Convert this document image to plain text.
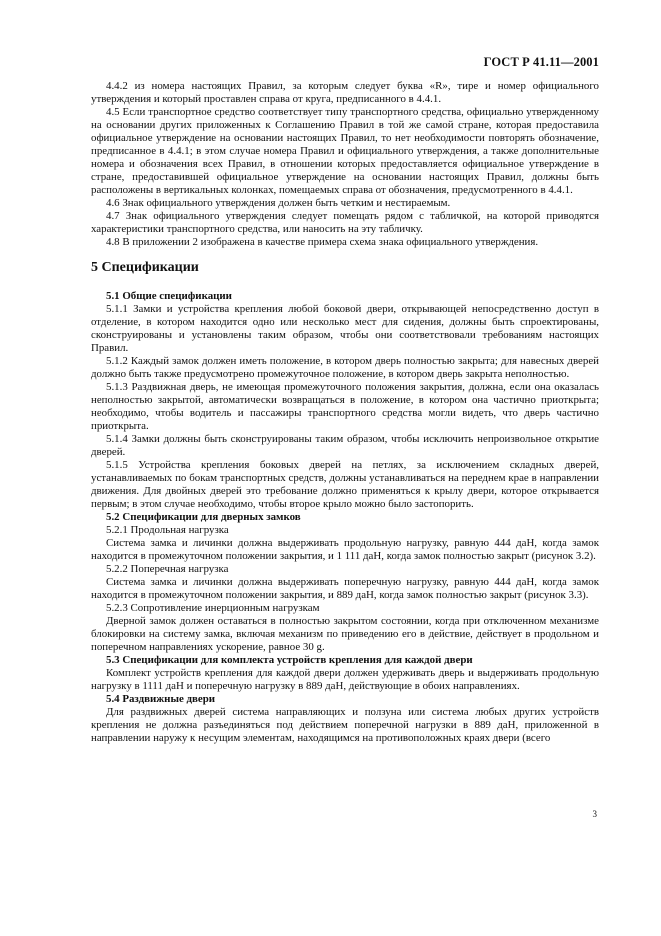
ГОСТ Р 41.11—2001

4.4.2 из номера настоящих Правил, за которым следует буква «R», тире и номер официального утверждения и который проставлен справа от круга, предписанного в 4.4.1.

4.5 Если транспортное средство соответствует типу транспортного средства, официально утвержденному на основании других приложенных к Соглашению Правил в той же самой стране, которая предоставила официальное утверждение на основании настоящих Правил, то нет необходимости повторять обозначение, предписанное в 4.4.1; в этом случае номера Правил и официального утверждения, а также дополнительные номера и обозначения всех Правил, в отношении которых предоставляется официальное утверждение в стране, предоставившей официальное утверждение на основании настоящих Правил, должны быть расположены в вертикальных колонках, помещаемых справа от обозначения, предусмотренного в 4.4.1.

4.6 Знак официального утверждения должен быть четким и нестираемым.

4.7 Знак официального утверждения следует помещать рядом с табличкой, на которой приводятся характеристики транспортного средства, или наносить на эту табличку.

4.8 В приложении 2 изображена в качестве примера схема знака официального утверждения.

5 Спецификации

5.1 Общие спецификации

5.1.1 Замки и устройства крепления любой боковой двери, открывающей непосредственно доступ в отделение, в котором находится одно или несколько мест для сидения, должны быть спроектированы, сконструированы и установлены таким образом, чтобы они соответствовали требованиям настоящих Правил.

5.1.2 Каждый замок должен иметь положение, в котором дверь полностью закрыта; для навесных дверей должно быть также предусмотрено промежуточное положение, в котором дверь закрыта неполностью.

5.1.3 Раздвижная дверь, не имеющая промежуточного положения закрытия, должна, если она оказалась неполностью закрытой, автоматически возвращаться в положение, в котором она частично приоткрыта; необходимо, чтобы водитель и пассажиры транспортного средства могли видеть, что дверь частично приоткрыта.

5.1.4 Замки должны быть сконструированы таким образом, чтобы исключить непроизвольное открытие дверей.

5.1.5 Устройства крепления боковых дверей на петлях, за исключением складных дверей, устанавливаемых по бокам транспортных средств, должны устанавливаться на переднем крае в направлении движения. Для двойных дверей это требование должно применяться к крылу двери, которое открывается первым; в этом случае необходимо, чтобы второе крыло можно было застопорить.

5.2 Спецификации для дверных замков

5.2.1 Продольная нагрузка

Система замка и личинки должна выдерживать продольную нагрузку, равную 444 даН, когда замок находится в промежуточном положении закрытия, и 1 111 даН, когда замок полностью закрыт (рисунок 3.2).

5.2.2 Поперечная нагрузка

Система замка и личинки должна выдерживать поперечную нагрузку, равную 444 даН, когда замок находится в промежуточном положении закрытия, и 889 даН, когда замок полностью закрыт (рисунок 3.3).

5.2.3 Сопротивление инерционным нагрузкам

Дверной замок должен оставаться в полностью закрытом состоянии, когда при отключенном механизме блокировки на систему замка, включая механизм по приведению его в действие, действует в продольном и поперечном направлениях ускорение, равное 30 g.

5.3 Спецификации для комплекта устройств крепления для каждой двери

Комплект устройств крепления для каждой двери должен удерживать дверь и выдерживать продольную нагрузку в 1111 даН и поперечную нагрузку в 889 даН, действующие в обоих направлениях.

5.4 Раздвижные двери

Для раздвижных дверей система направляющих и ползуна или система любых других устройств крепления не должна разъединяться под действием поперечной нагрузки в 889 даН, приложенной в направлении наружу к несущим элементам, находящимся на противоположных краях двери (всего

3
